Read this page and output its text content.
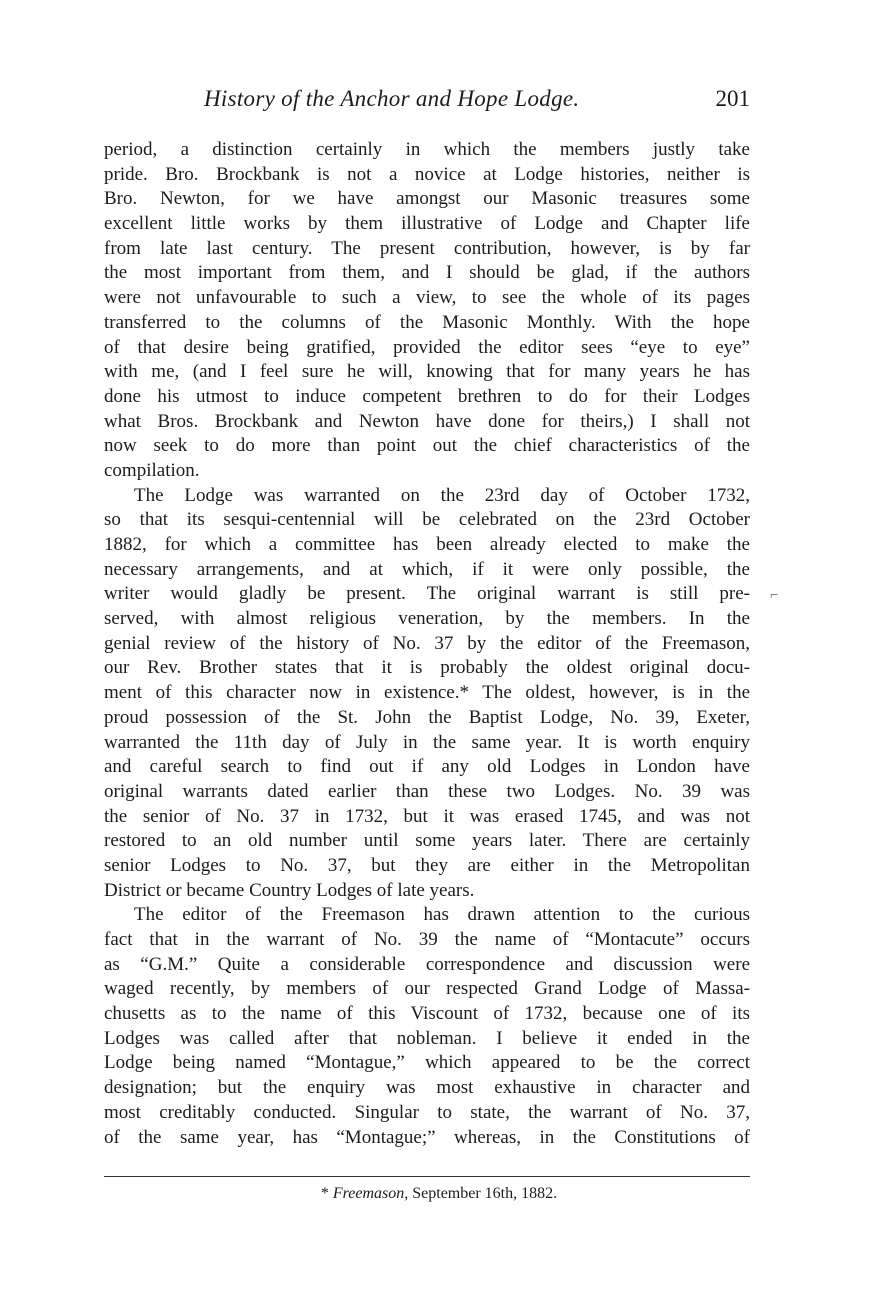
History of the Anchor and Hope Lodge.	201
period, a distinction certainly in which the members justly take
pride. Bro. Brockbank is not a novice at Lodge histories, neither is
Bro. Newton, for we have amongst our Masonic treasures some
excellent little works by them illustrative of Lodge and Chapter life
from late last century. The present contribution, however, is by far
the most important from them, and I should be glad, if the authors
were not unfavourable to such a view, to see the whole of its pages
transferred to the columns of the Masonic Monthly. With the hope
of that desire being gratified, provided the editor sees “eye to eye”
with me, (and I feel sure he will, knowing that for many years he has
done his utmost to induce competent brethren to do for their Lodges
what Bros. Brockbank and Newton have done for theirs,) I shall not
now seek to do more than point out the chief characteristics of the
compilation.
The Lodge was warranted on the 23rd day of October 1732,
so that its sesqui-centennial will be celebrated on the 23rd October
1882, for which a committee has been already elected to make the
necessary arrangements, and at which, if it were only possible, the
writer would gladly be present. The original warrant is still pre-
served, with almost religious veneration, by the members. In the
genial review of the history of No. 37 by the editor of the Freemason,
our Rev. Brother states that it is probably the oldest original docu-
ment of this character now in existence.* The oldest, however, is in the
proud possession of the St. John the Baptist Lodge, No. 39, Exeter,
warranted the 11th day of July in the same year. It is worth enquiry
and careful search to find out if any old Lodges in London have
original warrants dated earlier than these two Lodges. No. 39 was
the senior of No. 37 in 1732, but it was erased 1745, and was not
restored to an old number until some years later. There are certainly
senior Lodges to No. 37, but they are either in the Metropolitan
District or became Country Lodges of late years.
The editor of the Freemason has drawn attention to the curious
fact that in the warrant of No. 39 the name of “Montacute” occurs
as “G.M.” Quite a considerable correspondence and discussion were
waged recently, by members of our respected Grand Lodge of Massa-
chusetts as to the name of this Viscount of 1732, because one of its
Lodges was called after that nobleman. I believe it ended in the
Lodge being named “Montague,” which appeared to be the correct
designation; but the enquiry was most exhaustive in character and
most creditably conducted. Singular to state, the warrant of No. 37,
of the same year, has “Montague;” whereas, in the Constitutions of
⌐
* Freemason, September 16th, 1882.
